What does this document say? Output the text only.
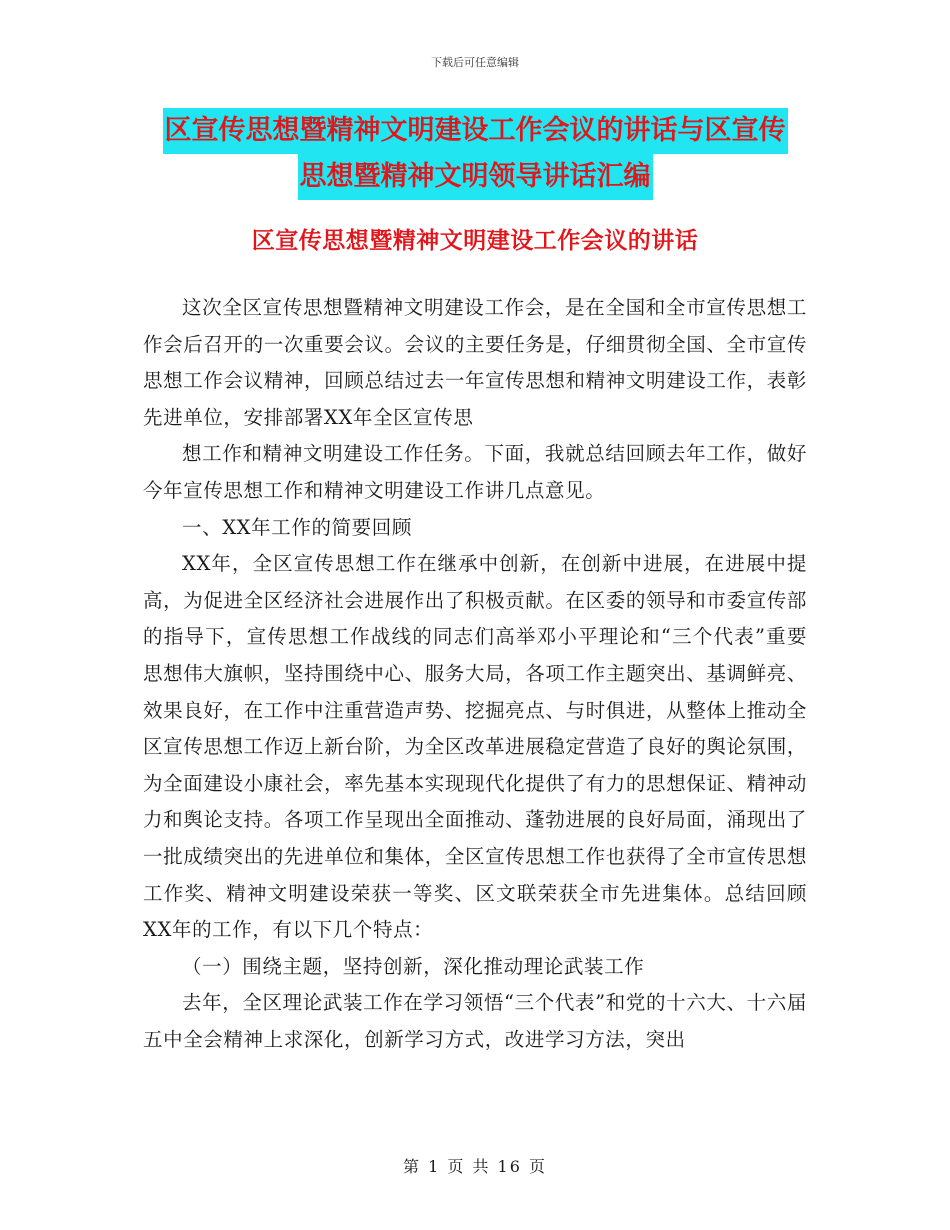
下载后可任意编辑
区宣传思想暨精神文明建设工作会议的讲话与区宣传
思想暨精神文明领导讲话汇编
区宣传思想暨精神文明建设工作会议的讲话

这次全区宣传思想暨精神文明建设工作会，是在全国和全市宣传思想工作会后召开的一次重要会议。会议的主要任务是，仔细贯彻全国、全市宣传思想工作会议精神，回顾总结过去一年宣传思想和精神文明建设工作，表彰先进单位，安排部署XX年全区宣传思

想工作和精神文明建设工作任务。下面，我就总结回顾去年工作，做好今年宣传思想工作和精神文明建设工作讲几点意见。

一、XX年工作的简要回顾

XX年，全区宣传思想工作在继承中创新，在创新中进展，在进展中提高，为促进全区经济社会进展作出了积极贡献。在区委的领导和市委宣传部的指导下，宣传思想工作战线的同志们高举邓小平理论和“三个代表”重要思想伟大旗帜，坚持围绕中心、服务大局，各项工作主题突出、基调鲜亮、效果良好，在工作中注重营造声势、挖掘亮点、与时俱进，从整体上推动全区宣传思想工作迈上新台阶，为全区改革进展稳定营造了良好的舆论氛围，为全面建设小康社会，率先基本实现现代化提供了有力的思想保证、精神动力和舆论支持。各项工作呈现出全面推动、蓬勃进展的良好局面，涌现出了一批成绩突出的先进单位和集体，全区宣传思想工作也获得了全市宣传思想工作奖、精神文明建设荣获一等奖、区文联荣获全市先进集体。总结回顾XX年的工作，有以下几个特点：

（一）围绕主题，坚持创新，深化推动理论武装工作

去年，全区理论武装工作在学习领悟“三个代表”和党的十六大、十六届五中全会精神上求深化，创新学习方式，改进学习方法，突出

第 1 页 共 16 页
